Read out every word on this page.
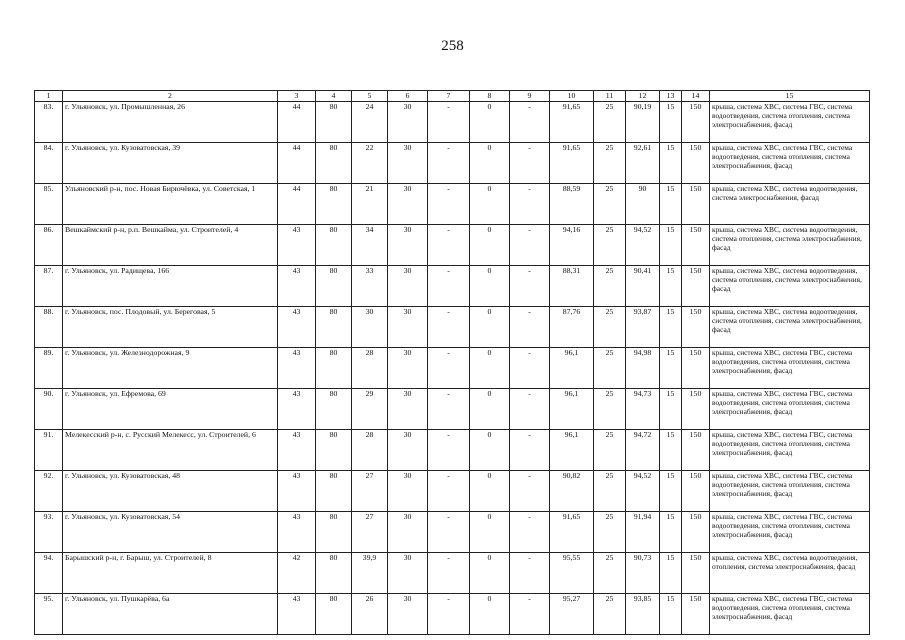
258
1	2	3	4	5	6	7	8	9	10	11	12	13	14	15
83.	г. Ульяновск, ул. Промышленная, 26	44	80	24	30	-	0	-	91,65	25	90,19	15	150	крыша, система ХВС, система ГВС, система водоотведения, система отопления, система электроснабжения, фасад
84.	г. Ульяновск, ул. Кузоватовская, 39	44	80	22	30	-	0	-	91,65	25	92,61	15	150	крыша, система ХВС, система ГВС, система водоотведения, система отопления, система электроснабжения, фасад
85.	Ульяновский р-н, пос. Новая Бирючёвка, ул. Советская, 1	44	80	21	30	-	0	-	88,59	25	90	15	150	крыша, система ХВС, система водоотведения, система электроснабжения, фасад
86.	Вешкаймский р-н, р.п. Вешкайма, ул. Строителей, 4	43	80	34	30	-	0	-	94,16	25	94,52	15	150	крыша, система ХВС, система водоотведения, система отопления, система электроснабжения, фасад
87.	г. Ульяновск, ул. Радищева, 166	43	80	33	30	-	0	-	88,31	25	90,41	15	150	крыша, система ХВС, система водоотведения, система отопления, система электроснабжения, фасад
88.	г. Ульяновск, пос. Плодовый, ул. Береговая, 5	43	80	30	30	-	0	-	87,76	25	93,87	15	150	крыша, система ХВС, система водоотведения, система отопления, система электроснабжения, фасад
89.	г. Ульяновск, ул. Железнодорожная, 9	43	80	28	30	-	0	-	96,1	25	94,98	15	150	крыша, система ХВС, система ГВС, система водоотведения, система отопления, система электроснабжения, фасад
90.	г. Ульяновск, ул. Ефремова, 69	43	80	29	30	-	0	-	96,1	25	94,73	15	150	крыша, система ХВС, система ГВС, система водоотведения, система отопления, система электроснабжения, фасад
91.	Мелекесский р-н, с. Русский Мелекесс, ул. Строителей, 6	43	80	28	30	-	0	-	96,1	25	94,72	15	150	крыша, система ХВС, система ГВС, система водоотведения, система отопления, система электроснабжения, фасад
92.	г. Ульяновск, ул. Кузоватовская, 48	43	80	27	30	-	0	-	90,82	25	94,52	15	150	крыша, система ХВС, система ГВС, система водоотведения, система отопления, система электроснабжения, фасад
93.	г. Ульяновск, ул. Кузоватовская, 54	43	80	27	30	-	0	-	91,65	25	91,94	15	150	крыша, система ХВС, система ГВС, система водоотведения, система отопления, система электроснабжения, фасад
94.	Барышский р-н, г. Барыш, ул. Строителей, 8	42	80	39,9	30	-	0	-	95,55	25	90,73	15	150	крыша, система ХВС, система водоотведения, отопления, система электроснабжения, фасад
95.	г. Ульяновск, ул. Пушкарёва, 6а	43	80	26	30	-	0	-	95,27	25	93,85	15	150	крыша, система ХВС, система ГВС, система водоотведения, система отопления, система электроснабжения, фасад
